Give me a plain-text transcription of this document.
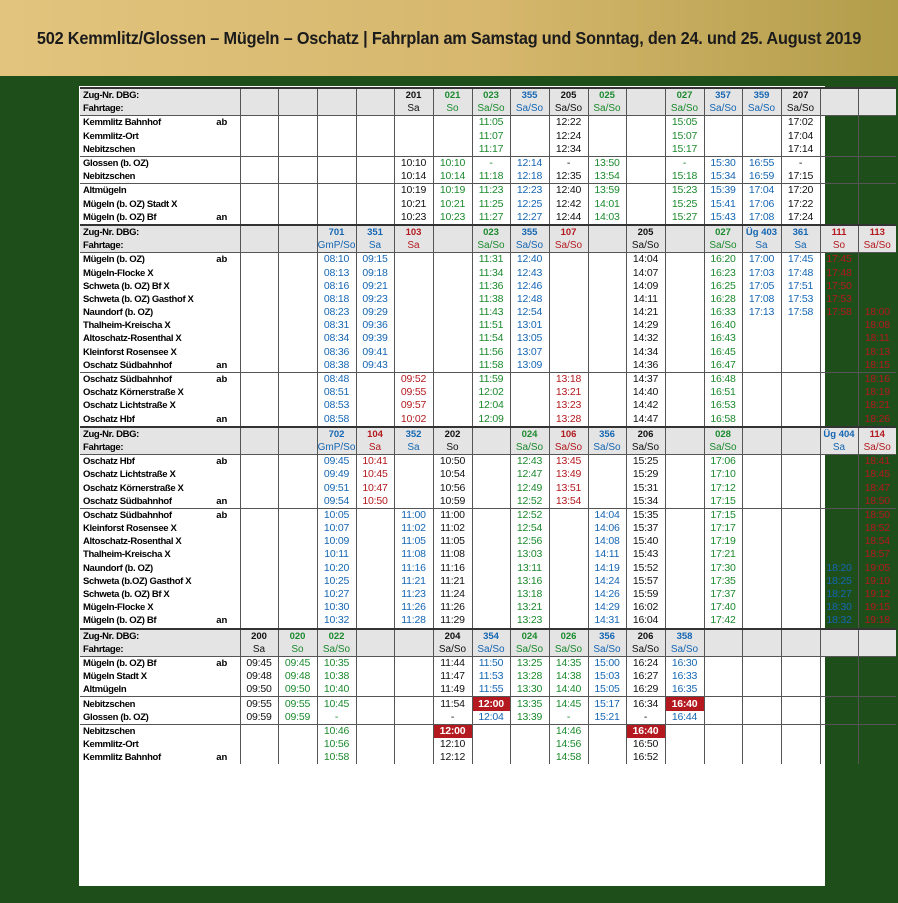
502 Kemmlitz/Glossen – Mügeln – Oschatz | Fahrplan am Samstag und Sonntag, den 24. und 25. August 2019
Zug-Nr. DBG:						201	021	023	355	205	025		027	357	359	207		
Fahrtage:						Sa	So	Sa/So	Sa/So	Sa/So	Sa/So		Sa/So	Sa/So	Sa/So	Sa/So		
Kemmlitz Bahnhof	ab							11:05		12:22			15:05			17:02		
Kemmlitz-Ort								11:07		12:24			15:07			17:04		
Nebitzschen								11:17		12:34			15:17			17:14		
Glossen (b. OZ)						10:10	10:10	-	12:14	-	13:50		-	15:30	16:55	-		
Nebitzschen						10:14	10:14	11:18	12:18	12:35	13:54		15:18	15:34	16:59	17:15		
Altmügeln						10:19	10:19	11:23	12:23	12:40	13:59		15:23	15:39	17:04	17:20		
Mügeln (b. OZ) Stadt X						10:21	10:21	11:25	12:25	12:42	14:01		15:25	15:41	17:06	17:22		
Mügeln (b. OZ) Bf	an					10:23	10:23	11:27	12:27	12:44	14:03		15:27	15:43	17:08	17:24		
Zug-Nr. DBG:				701	351	103		023	355	107		205		027	Üg 403	361	111	113
Fahrtage:				GmP/So	Sa	Sa		Sa/So	Sa/So	Sa/So		Sa/So		Sa/So	Sa	Sa	So	Sa/So
Mügeln (b. OZ)	ab			08:10	09:15			11:31	12:40			14:04		16:20	17:00	17:45	17:45	
Mügeln-Flocke X				08:13	09:18			11:34	12:43			14:07		16:23	17:03	17:48	17:48	
Schweta (b. OZ) Bf X				08:16	09:21			11:36	12:46			14:09		16:25	17:05	17:51	17:50	
Schweta (b. OZ) Gasthof X				08:18	09:23			11:38	12:48			14:11		16:28	17:08	17:53	17:53	
Naundorf (b. OZ)				08:23	09:29			11:43	12:54			14:21		16:33	17:13	17:58	17:58	18:00
Thalheim-Kreischa X				08:31	09:36			11:51	13:01			14:29		16:40				18:08
Altoschatz-Rosenthal X				08:34	09:39			11:54	13:05			14:32		16:43				18:11
Kleinforst Rosensee X				08:36	09:41			11:56	13:07			14:34		16:45				18:13
Oschatz Südbahnhof	an			08:38	09:43			11:58	13:09			14:36		16:47				18:15
Oschatz Südbahnhof	ab			08:48		09:52		11:59		13:18		14:37		16:48				18:16
Oschatz Körnerstraße X				08:51		09:55		12:02		13:21		14:40		16:51				18:19
Oschatz Lichtstraße X				08:53		09:57		12:04		13:23		14:42		16:53				18:21
Oschatz Hbf	an			08:58		10:02		12:09		13:28		14:47		16:58				18:26
Zug-Nr. DBG:				702	104	352	202		024	106	356	206		028			Üg 404	114
Fahrtage:				GmP/So	Sa	Sa	So		Sa/So	Sa/So	Sa/So	Sa/So		Sa/So			Sa	Sa/So
Oschatz Hbf	ab			09:45	10:41		10:50		12:43	13:45		15:25		17:06				18:41
Oschatz Lichtstraße X				09:49	10:45		10:54		12:47	13:49		15:29		17:10				18:45
Oschatz Körnerstraße X				09:51	10:47		10:56		12:49	13:51		15:31		17:12				18:47
Oschatz Südbahnhof	an			09:54	10:50		10:59		12:52	13:54		15:34		17:15				18:50
Oschatz Südbahnhof	ab			10:05		11:00	11:00		12:52		14:04	15:35		17:15				18:50
Kleinforst Rosensee X				10:07		11:02	11:02		12:54		14:06	15:37		17:17				18:52
Altoschatz-Rosenthal X				10:09		11:05	11:05		12:56		14:08	15:40		17:19				18:54
Thalheim-Kreischa X				10:11		11:08	11:08		13:03		14:11	15:43		17:21				18:57
Naundorf (b. OZ)				10:20		11:16	11:16		13:11		14:19	15:52		17:30			18:20	19:05
Schweta (b.OZ) Gasthof X				10:25		11:21	11:21		13:16		14:24	15:57		17:35			18:25	19:10
Schweta (b. OZ) Bf X				10:27		11:23	11:24		13:18		14:26	15:59		17:37			18:27	19:12
Mügeln-Flocke X				10:30		11:26	11:26		13:21		14:29	16:02		17:40			18:30	19:15
Mügeln (b. OZ) Bf	an			10:32		11:28	11:29		13:23		14:31	16:04		17:42			18:32	19:18
Zug-Nr. DBG:		200	020	022			204	354	024	026	356	206	358					
Fahrtage:		Sa	So	Sa/So			Sa/So	Sa/So	Sa/So	Sa/So	Sa/So	Sa/So	Sa/So					
Mügeln (b. OZ) Bf	ab	09:45	09:45	10:35			11:44	11:50	13:25	14:35	15:00	16:24	16:30					
Mügeln Stadt X		09:48	09:48	10:38			11:47	11:53	13:28	14:38	15:03	16:27	16:33					
Altmügeln		09:50	09:50	10:40			11:49	11:55	13:30	14:40	15:05	16:29	16:35					
Nebitzschen		09:55	09:55	10:45			11:54	12:00	13:35	14:45	15:17	16:34	16:40					
Glossen (b. OZ)		09:59	09:59	-			-	12:04	13:39	-	15:21	-	16:44					
Nebitzschen				10:46			12:00			14:46		16:40						
Kemmlitz-Ort				10:56			12:10			14:56		16:50						
Kemmlitz Bahnhof	an			10:58			12:12			14:58		16:52						
